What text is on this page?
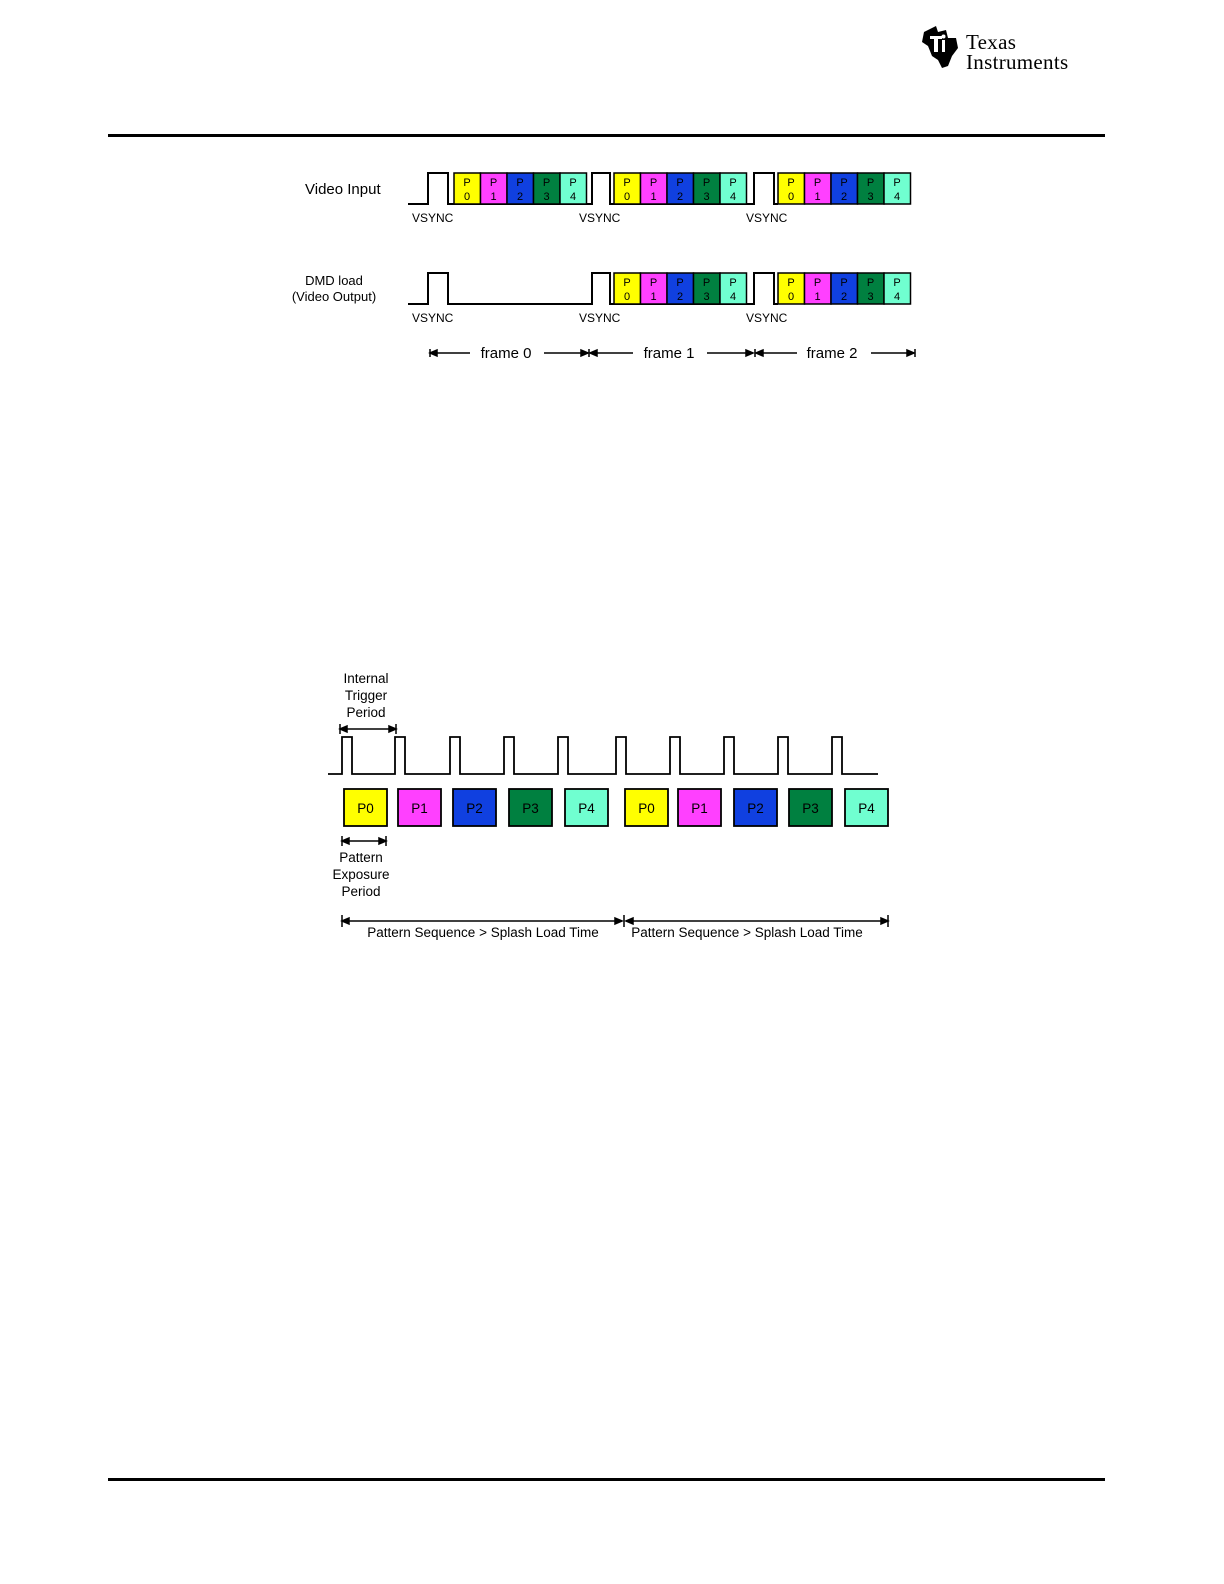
Texas
Instruments
Video Input
DMD load
(Video Output)
P
0
P
1
P
2
P
3
P
4
P
0
P
1
P
2
P
3
P
4
P
0
P
1
P
2
P
3
P
4
P
0
P
1
P
2
P
3
P
4
P
0
P
1
P
2
P
3
P
4
VSYNC	VSYNC	VSYNC
VSYNC	VSYNC	VSYNC
frame 0	frame 1	frame 2
Internal
Trigger
Period
P0	P1	P2	P3	P4	P0	P1	P2	P3	P4
Pattern
Exposure
Period
Pattern Sequence > Splash Load Time Pattern Sequence > Splash Load Time
